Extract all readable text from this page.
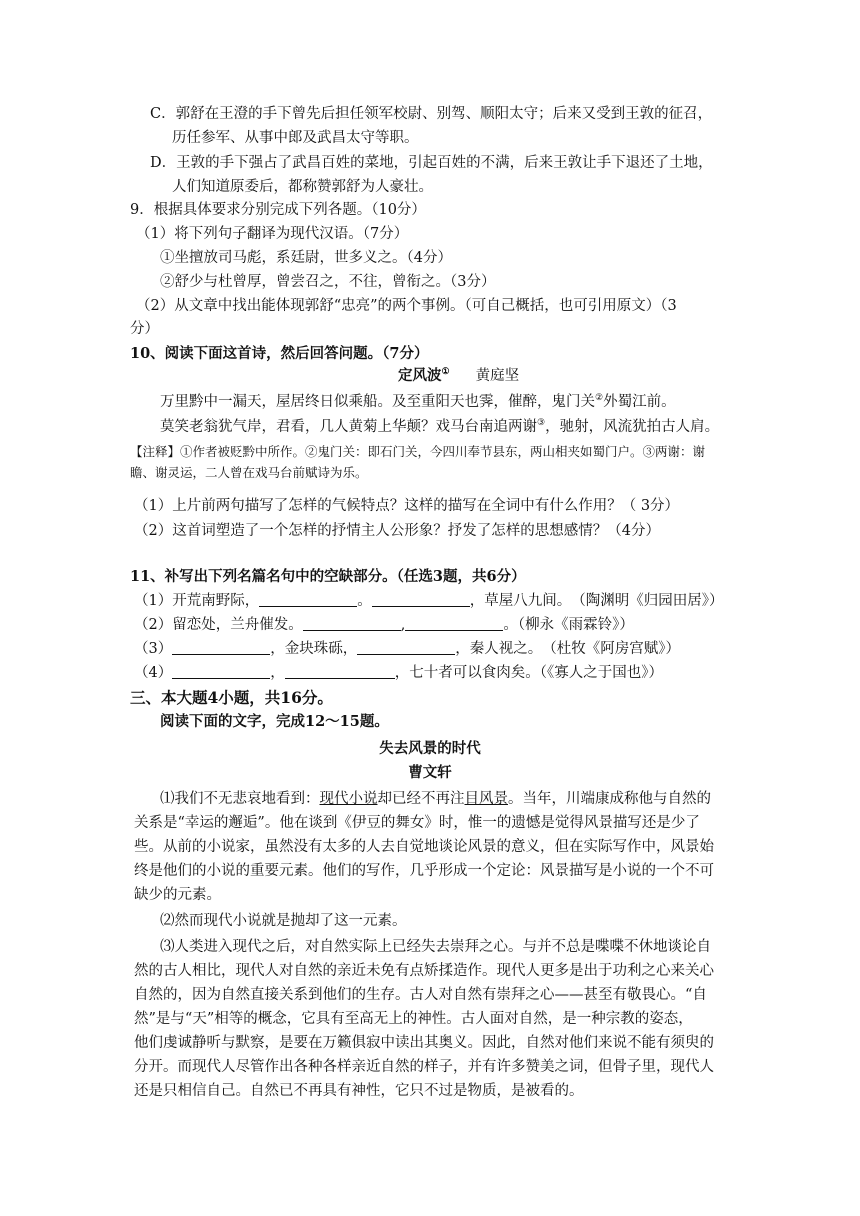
C．郭舒在王澄的手下曾先后担任领军校尉、别驾、顺阳太守；后来又受到王敦的征召，
历任参军、从事中郎及武昌太守等职。
D．王敦的手下强占了武昌百姓的菜地，引起百姓的不满，后来王敦让手下退还了土地，
人们知道原委后，都称赞郭舒为人豪壮。
9．根据具体要求分别完成下列各题。（10分）
（1）将下列句子翻译为现代汉语。（7分）
①坐擅放司马彪，系廷尉，世多义之。（4分）
②舒少与杜曾厚，曾尝召之，不往，曾衔之。（3分）
（2）从文章中找出能体现郭舒“忠亮”的两个事例。（可自己概括，也可引用原文）（3
分）
10、阅读下面这首诗，然后回答问题。（7分）
定风波① 黄庭坚
万里黔中一漏天，屋居终日似乘船。及至重阳天也霁，催醉，鬼门关②外蜀江前。
莫笑老翁犹气岸，君看，几人黄菊上华颠？戏马台南追两谢③，驰射，风流犹拍古人肩。
【注释】①作者被贬黔中所作。②鬼门关：即石门关，今四川奉节县东，两山相夹如蜀门户。③两谢：谢
瞻、谢灵运，二人曾在戏马台前赋诗为乐。
（1）上片前两句描写了怎样的气候特点？这样的描写在全词中有什么作用？（ 3分）
（2）这首词塑造了一个怎样的抒情主人公形象？抒发了怎样的思想感情？（4分）
11、补写出下列名篇名句中的空缺部分。（任选3题，共6分）
（1）开荒南野际，	。	，草屋八九间。　（陶渊明《归园田居》）
（2）留恋处，兰舟催发。	,	。（柳永《雨霖铃》）
（3）	，金块珠砾，	，秦人视之。　（杜牧《阿房宫赋》）
（4）	，	，七十者可以食肉矣。（《寡人之于国也》）
三、本大题4小题，共16分。
阅读下面的文字，完成12～15题。
失去风景的时代
曹文轩
⑴我们不无悲哀地看到：现代小说却已经不再注目风景。当年，川端康成称他与自然的
关系是“幸运的邂逅”。他在谈到《伊豆的舞女》时，惟一的遗憾是觉得风景描写还是少了
些。从前的小说家，虽然没有太多的人去自觉地谈论风景的意义，但在实际写作中，风景始
终是他们的小说的重要元素。他们的写作，几乎形成一个定论：风景描写是小说的一个不可
缺少的元素。
⑵然而现代小说就是抛却了这一元素。
⑶人类进入现代之后，对自然实际上已经失去崇拜之心。与并不总是喋喋不休地谈论自
然的古人相比，现代人对自然的亲近未免有点矫揉造作。现代人更多是出于功利之心来关心
自然的，因为自然直接关系到他们的生存。古人对自然有崇拜之心——甚至有敬畏心。“自
然”是与“天”相等的概念，它具有至高无上的神性。古人面对自然，是一种宗教的姿态，
他们虔诚静听与默察，是要在万籁俱寂中读出其奥义。因此，自然对他们来说不能有须臾的
分开。而现代人尽管作出各种各样亲近自然的样子，并有许多赞美之词，但骨子里，现代人
还是只相信自己。自然已不再具有神性，它只不过是物质，是被看的。
